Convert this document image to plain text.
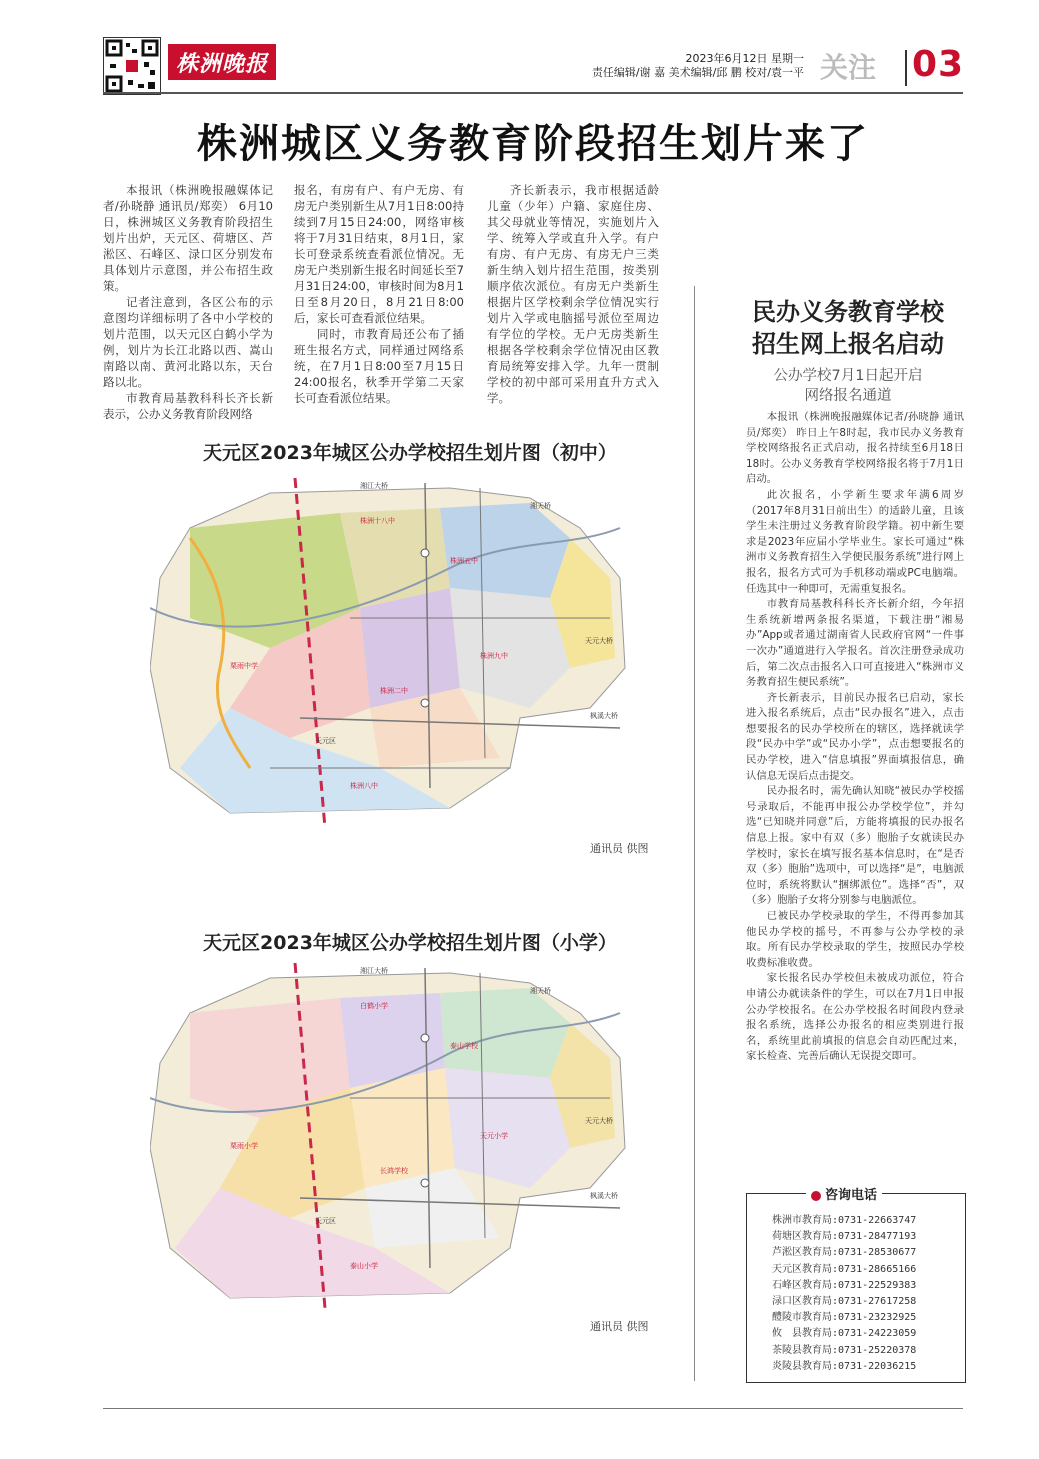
株洲晚报	2023年6月12日 星期一
责任编辑/谢 嘉 美术编辑/邱 鹏 校对/袁一平 关注 03
株洲城区义务教育阶段招生划片来了

本报讯（株洲晚报融媒体记者/孙晓静 通讯员/郑奕） 6月10日，株洲城区义务教育阶段招生划片出炉，天元区、荷塘区、芦淞区、石峰区、渌口区分别发布具体划片示意图，并公布招生政策。

记者注意到，各区公布的示意图均详细标明了各中小学校的划片范围，以天元区白鹤小学为例，划片为长江北路以西、嵩山南路以南、黄河北路以东，天台路以北。

市教育局基教科科长齐长新表示，公办义务教育阶段网络

报名，有房有户、有户无房、有房无户类别新生从7月1日8:00持续到7月15日24:00，网络审核将于7月31日结束，8月1日，家长可登录系统查看派位情况。无房无户类别新生报名时间延长至7月31日24:00，审核时间为8月1日至8月20日，8月21日8:00后，家长可查看派位结果。

同时，市教育局还公布了插班生报名方式，同样通过网络系统，在7月1日8:00至7月15日24:00报名，秋季开学第二天家长可查看派位结果。

齐长新表示，我市根据适龄儿童（少年）户籍、家庭住房、其父母就业等情况，实施划片入学、统筹入学或直升入学。有户有房、有户无房、有房无户三类新生纳入划片招生范围，按类别顺序依次派位。有房无户类新生根据片区学校剩余学位情况实行划片入学或电脑摇号派位至周边有学位的学校。无户无房类新生根据各学校剩余学位情况由区教育局统筹安排入学。九年一贯制学校的初中部可采用直升方式入学。

天元区2023年城区公办学校招生划片图（初中）
湘江大桥
株洲十八中
湘天桥
天元大桥
株洲五中
枫溪大桥
栗雨中学
株洲二中
株洲九中
天元区
株洲八中
通讯员 供图
天元区2023年城区公办学校招生划片图（小学）
湘江大桥
白鹤小学
湘天桥
天元大桥
泰山学校
枫溪大桥
栗雨小学
长鸿学校
天元小学
天元区
泰山小学
通讯员 供图
民办义务教育学校
招生网上报名启动
公办学校7月1日起开启
网络报名通道

本报讯（株洲晚报融媒体记者/孙晓静 通讯员/郑奕） 昨日上午8时起，我市民办义务教育学校网络报名正式启动，报名持续至6月18日18时。公办义务教育学校网络报名将于7月1日启动。

此次报名，小学新生要求年满6周岁（2017年8月31日前出生）的适龄儿童，且该学生未注册过义务教育阶段学籍。初中新生要求是2023年应届小学毕业生。家长可通过“株洲市义务教育招生入学便民服务系统”进行网上报名，报名方式可为手机移动端或PC电脑端。任选其中一种即可，无需重复报名。

市教育局基教科科长齐长新介绍，今年招生系统新增两条报名渠道，下载注册“湘易办”App或者通过湖南省人民政府官网“一件事一次办”通道进行入学报名。首次注册登录成功后，第二次点击报名入口可直接进入“株洲市义务教育招生便民系统”。

齐长新表示，目前民办报名已启动，家长进入报名系统后，点击“民办报名”进入，点击想要报名的民办学校所在的辖区，选择就读学段“民办中学”或“民办小学”，点击想要报名的民办学校，进入“信息填报”界面填报信息，确认信息无误后点击提交。

民办报名时，需先确认知晓“被民办学校摇号录取后，不能再申报公办学校学位”，并勾选“已知晓并同意”后，方能将填报的民办报名信息上报。家中有双（多）胞胎子女就读民办学校时，家长在填写报名基本信息时，在“是否双（多）胞胎”选项中，可以选择“是”，电脑派位时，系统将默认“捆绑派位”。选择“否”，双（多）胞胎子女将分别参与电脑派位。

已被民办学校录取的学生，不得再参加其他民办学校的摇号，不再参与公办学校的录取。所有民办学校录取的学生，按照民办学校收费标准收费。

家长报名民办学校但未被成功派位，符合申请公办就读条件的学生，可以在7月1日申报公办学校报名。在公办学校报名时间段内登录报名系统，选择公办报名的相应类别进行报名，系统里此前填报的信息会自动匹配过来，家长检查、完善后确认无误提交即可。

咨询电话
株洲市教育局:0731-22663747
荷塘区教育局:0731-28477193
芦淞区教育局:0731-28530677
天元区教育局:0731-28665166
石峰区教育局:0731-22529383
渌口区教育局:0731-27617258
醴陵市教育局:0731-23232925
攸　县教育局:0731-24223059
茶陵县教育局:0731-25220378
炎陵县教育局:0731-22036215
